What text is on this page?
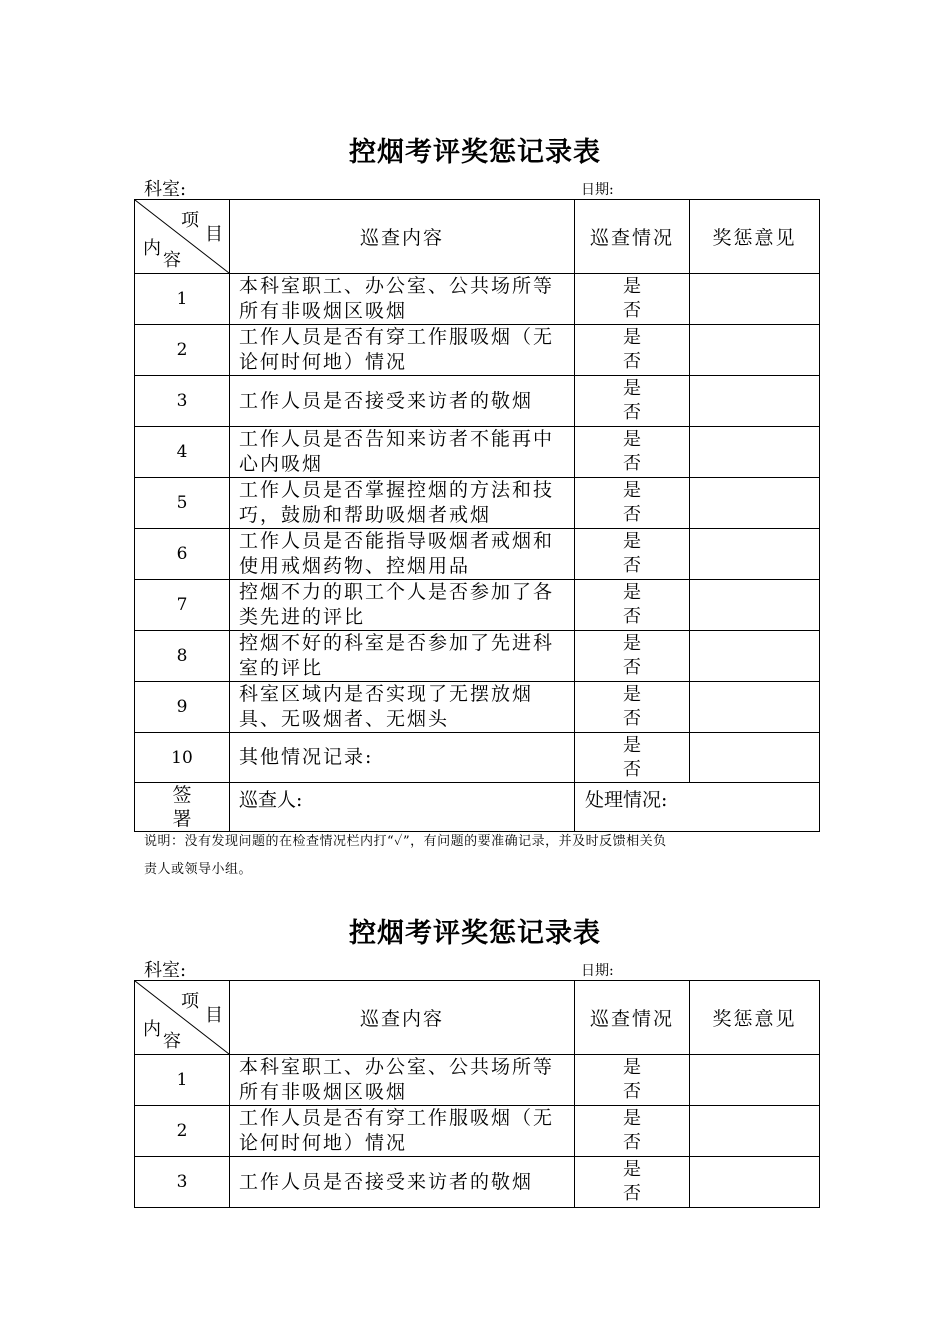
控烟考评奖惩记录表
科室:	日期:
项
目
内
容	巡查内容	巡查情况	奖惩意见
1	本科室职工、办公室、公共场所等所有非吸烟区吸烟	是
否	

2	工作人员是否有穿工作服吸烟（无论何时何地）情况	是
否	

3	工作人员是否接受来访者的敬烟	是
否	

4	工作人员是否告知来访者不能再中心内吸烟	是
否	

5	工作人员是否掌握控烟的方法和技巧，鼓励和帮助吸烟者戒烟	是
否	

6	工作人员是否能指导吸烟者戒烟和使用戒烟药物、控烟用品	是
否	

7	控烟不力的职工个人是否参加了各类先进的评比	是
否	

8	控烟不好的科室是否参加了先进科室的评比	是
否	

9	科室区域内是否实现了无摆放烟具、无吸烟者、无烟头	是
否	

10	其他情况记录:	是
否	

签
署	巡查人:	处理情况:	
说明：没有发现问题的在检查情况栏内打“✓”，有问题的要准确记录，并及时反馈相关负
责人或领导小组。
控烟考评奖惩记录表
科室:	日期:
项
目
内
容	巡查内容	巡查情况	奖惩意见
1	本科室职工、办公室、公共场所等所有非吸烟区吸烟	是
否	

2	工作人员是否有穿工作服吸烟（无论何时何地）情况	是
否	

3	工作人员是否接受来访者的敬烟	是
否	
